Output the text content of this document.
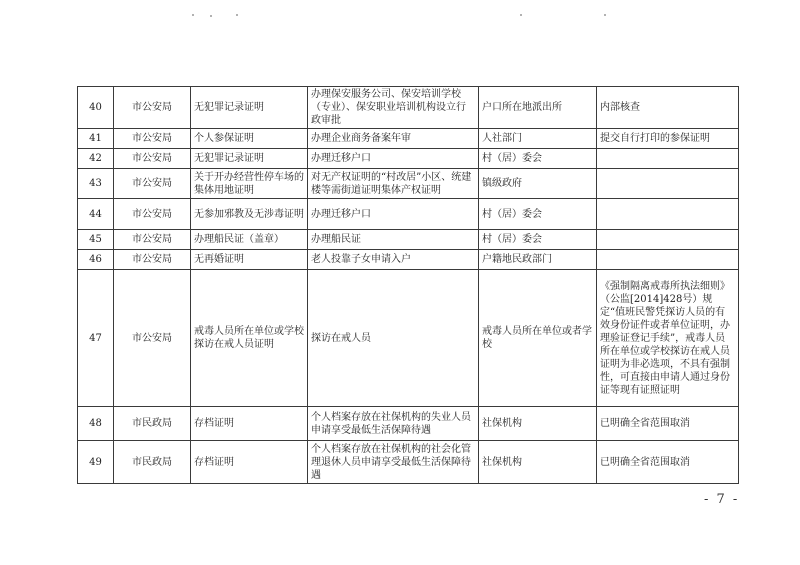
40	市公安局	无犯罪记录证明	办理保安服务公司、保安培训学校（专业）、保安职业培训机构设立行政审批	户口所在地派出所	内部核查
41	市公安局	个人参保证明	办理企业商务备案年审	人社部门	提交自行打印的参保证明
42	市公安局	无犯罪记录证明	办理迁移户口	村（居）委会	
43	市公安局	关于开办经营性停车场的集体用地证明	对无产权证明的“村改居”小区、统建楼等需街道证明集体产权证明	镇级政府	
44	市公安局	无参加邪教及无涉毒证明	办理迁移户口	村（居）委会	
45	市公安局	办理船民证（盖章）	办理船民证	村（居）委会	
46	市公安局	无再婚证明	老人投靠子女申请入户	户籍地民政部门	
47	市公安局	戒毒人员所在单位或学校探访在戒人员证明	探访在戒人员	戒毒人员所在单位或者学校	《强制隔离戒毒所执法细则》（公监[2014]428号）规定“值班民警凭探访人员的有效身份证件或者单位证明，办理验证登记手续”，戒毒人员所在单位或学校探访在戒人员证明为非必选项，不具有强制性，可直接由申请人通过身份证等现有证照证明
48	市民政局	存档证明	个人档案存放在社保机构的失业人员申请享受最低生活保障待遇	社保机构	已明确全省范围取消
49	市民政局	存档证明	个人档案存放在社保机构的社会化管理退休人员申请享受最低生活保障待遇	社保机构	已明确全省范围取消
- 7 -
